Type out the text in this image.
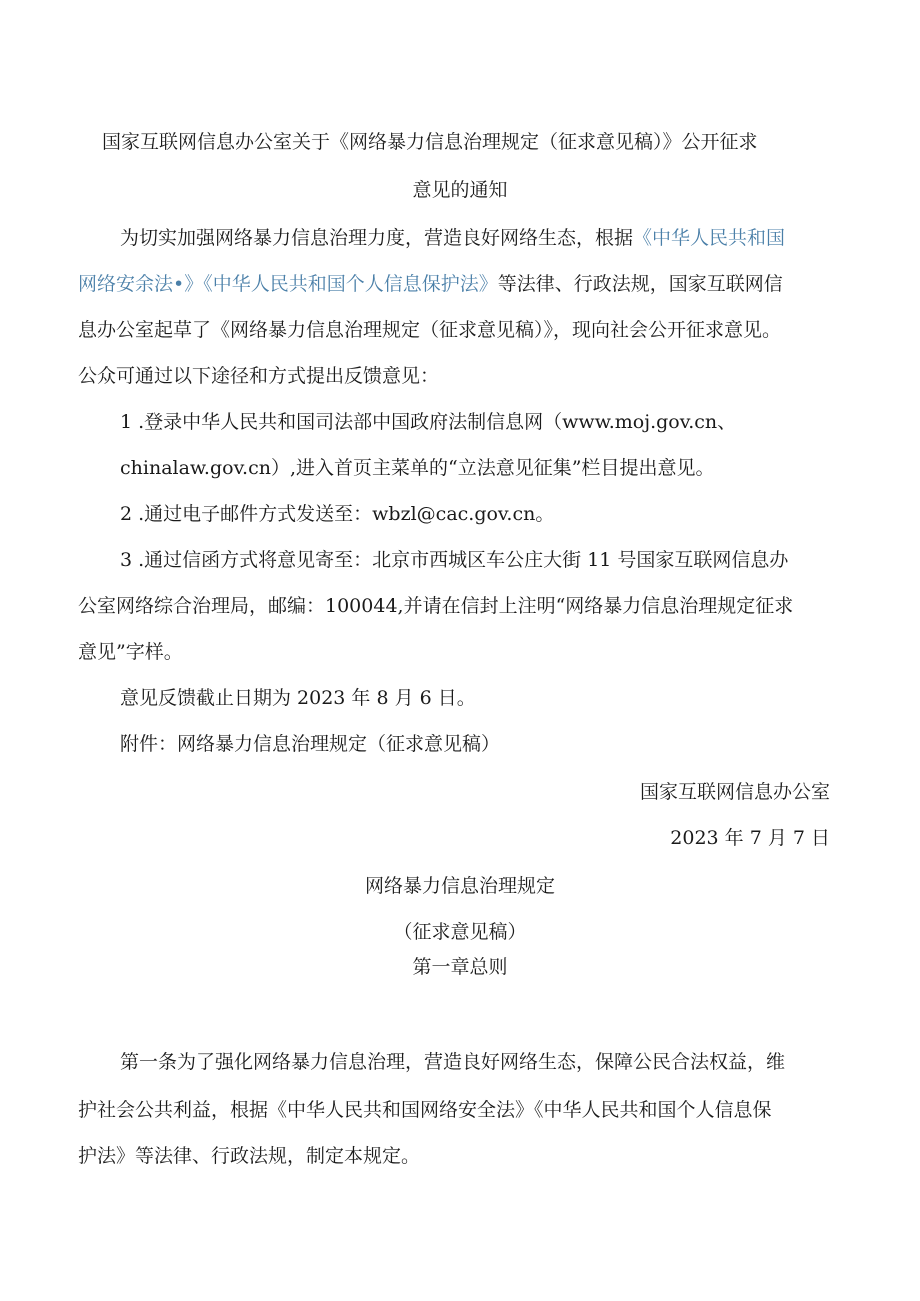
国家互联网信息办公室关于《网络暴力信息治理规定（征求意见稿）》公开征求
意见的通知
为切实加强网络暴力信息治理力度，营造良好网络生态，根据《中华人民共和国
网络安余法•》《中华人民共和国个人信息保护法》等法律、行政法规，国家互联网信
息办公室起草了《网络暴力信息治理规定（征求意见稿）》，现向社会公开征求意见。
公众可通过以下途径和方式提出反馈意见：
1 .登录中华人民共和国司法部中国政府法制信息网（www.moj.gov.cn、
chinalaw.gov.cn）,进入首页主菜单的“立法意见征集”栏目提出意见。
2 .通过电子邮件方式发送至：wbzl@cac.gov.cn。
3 .通过信函方式将意见寄至：北京市西城区车公庄大街 11 号国家互联网信息办
公室网络综合治理局，邮编：100044,并请在信封上注明“网络暴力信息治理规定征求
意见”字样。
意见反馈截止日期为 2023 年 8 月 6 日。
附件：网络暴力信息治理规定（征求意见稿）
国家互联网信息办公室
2023 年 7 月 7 日
网络暴力信息治理规定
（征求意见稿）
第一章总则
第一条为了强化网络暴力信息治理，营造良好网络生态，保障公民合法权益，维
护社会公共利益，根据《中华人民共和国网络安全法》《中华人民共和国个人信息保
护法》等法律、行政法规，制定本规定。
